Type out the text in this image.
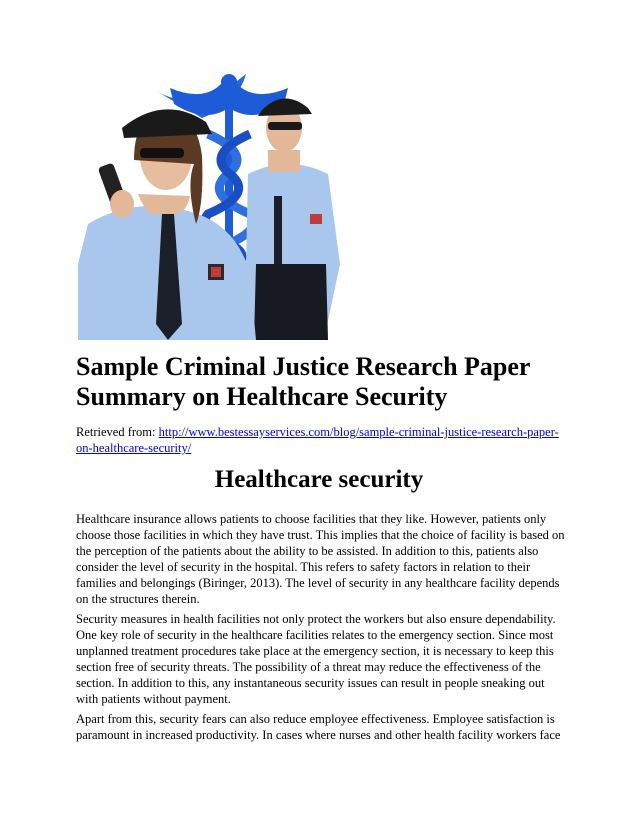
Sample Criminal Justice Research Paper Summary on Healthcare Security

Retrieved from: http://www.bestessayservices.com/blog/sample-criminal-justice-research-paper-on-healthcare-security/

Healthcare security

Healthcare insurance allows patients to choose facilities that they like. However, patients only choose those facilities in which they have trust. This implies that the choice of facility is based on the perception of the patients about the ability to be assisted. In addition to this, patients also consider the level of security in the hospital. This refers to safety factors in relation to their families and belongings (Biringer, 2013). The level of security in any healthcare facility depends on the structures therein.

Security measures in health facilities not only protect the workers but also ensure dependability. One key role of security in the healthcare facilities relates to the emergency section. Since most unplanned treatment procedures take place at the emergency section, it is necessary to keep this section free of security threats. The possibility of a threat may reduce the effectiveness of the section. In addition to this, any instantaneous security issues can result in people sneaking out with patients without payment.

Apart from this, security fears can also reduce employee effectiveness. Employee satisfaction is paramount in increased productivity. In cases where nurses and other health facility workers face
